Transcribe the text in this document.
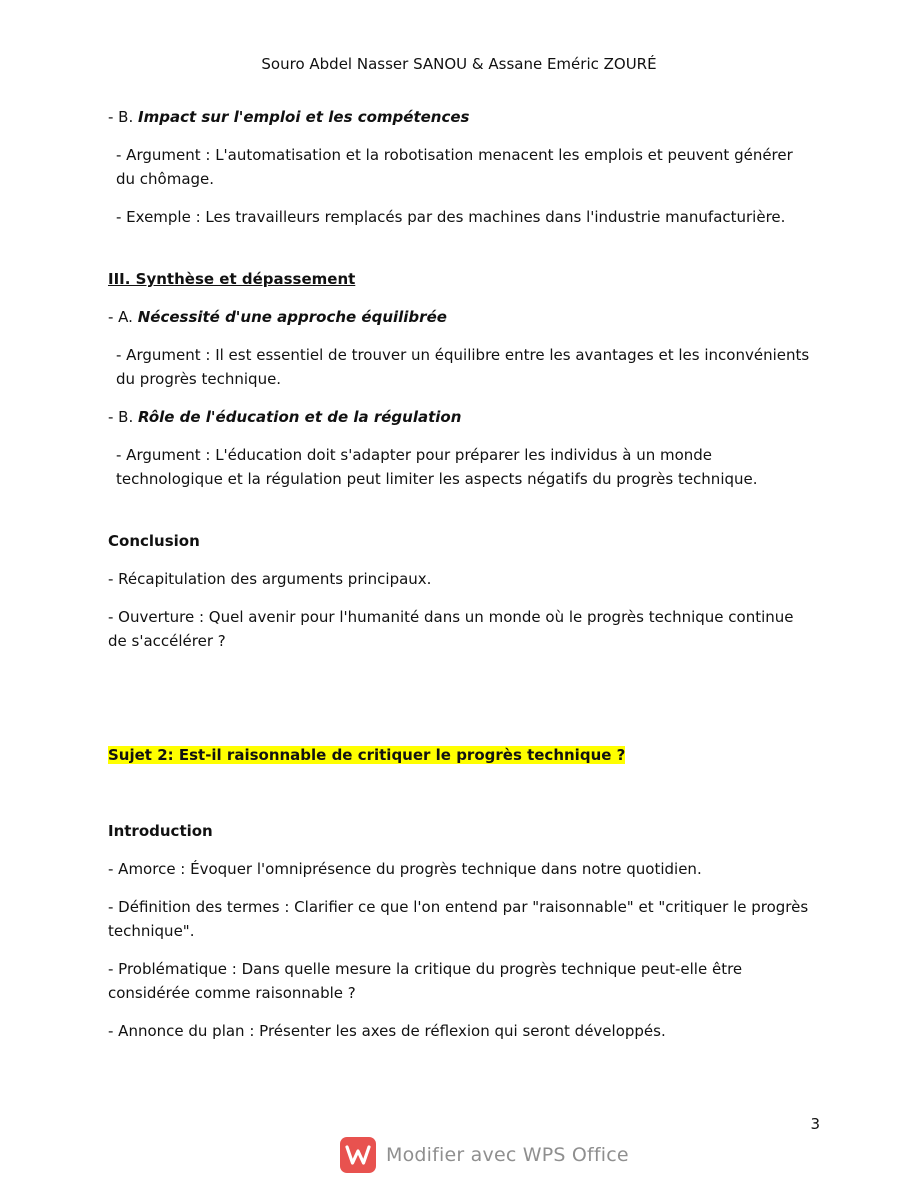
Souro Abdel Nasser SANOU & Assane Eméric ZOURÉ

- B. Impact sur l'emploi et les compétences

- Argument : L'automatisation et la robotisation menacent les emplois et peuvent générer du chômage.

- Exemple : Les travailleurs remplacés par des machines dans l'industrie manufacturière.

III. Synthèse et dépassement

- A. Nécessité d'une approche équilibrée

- Argument : Il est essentiel de trouver un équilibre entre les avantages et les inconvénients du progrès technique.

- B. Rôle de l'éducation et de la régulation

- Argument : L'éducation doit s'adapter pour préparer les individus à un monde technologique et la régulation peut limiter les aspects négatifs du progrès technique.

Conclusion

- Récapitulation des arguments principaux.

- Ouverture : Quel avenir pour l'humanité dans un monde où le progrès technique continue de s'accélérer ?

Sujet 2: Est-il raisonnable de critiquer le progrès technique ?

Introduction

- Amorce : Évoquer l'omniprésence du progrès technique dans notre quotidien.

- Définition des termes : Clarifier ce que l'on entend par "raisonnable" et "critiquer le progrès technique".

- Problématique : Dans quelle mesure la critique du progrès technique peut-elle être considérée comme raisonnable ?

- Annonce du plan : Présenter les axes de réflexion qui seront développés.

3
Modifier avec WPS Office
